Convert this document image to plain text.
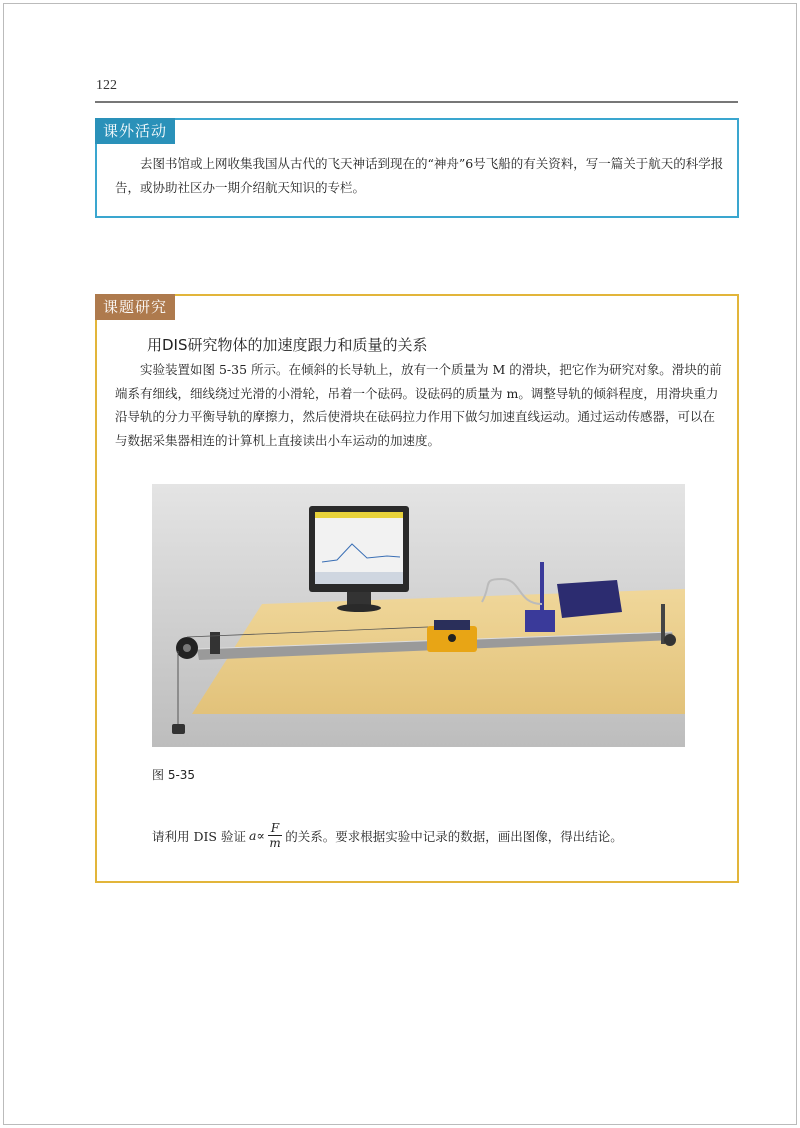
122
课外活动
去图书馆或上网收集我国从古代的飞天神话到现在的“神舟”6号飞船的有关资料，写一篇关于航天的科学报告，或协助社区办一期介绍航天知识的专栏。
课题研究
用DIS研究物体的加速度跟力和质量的关系
实验装置如图 5-35 所示。在倾斜的长导轨上，放有一个质量为 M 的滑块，把它作为研究对象。滑块的前端系有细线，细线绕过光滑的小滑轮，吊着一个砝码。设砝码的质量为 m。调整导轨的倾斜程度，用滑块重力沿导轨的分力平衡导轨的摩擦力，然后使滑块在砝码拉力作用下做匀加速直线运动。通过运动传感器，可以在与数据采集器相连的计算机上直接读出小车运动的加速度。
图 5-35
请利用 DIS 验证 $a\propto \frac{F}{m}$ 的关系。要求根据实验中记录的数据，画出图像，得出结论。
